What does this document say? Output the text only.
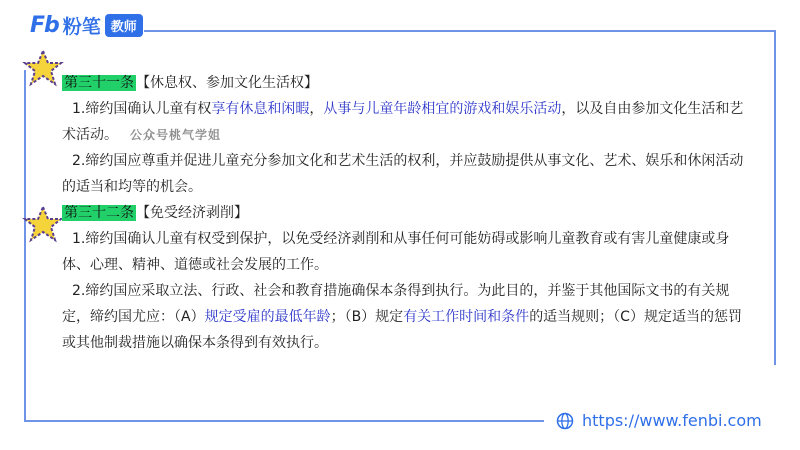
Fb 粉笔 教师

第三十一条 【休息权、参加文化生活权】

1.缔约国确认儿童有权享有休息和闲暇，从事与儿童年龄相宜的游戏和娱乐活动，以及自由参加文化生活和艺术活动。 公众号桃气学姐

2.缔约国应尊重并促进儿童充分参加文化和艺术生活的权利，并应鼓励提供从事文化、艺术、娱乐和休闲活动的适当和均等的机会。

第三十二条 【免受经济剥削】

1.缔约国确认儿童有权受到保护，以免受经济剥削和从事任何可能妨碍或影响儿童教育或有害儿童健康或身体、心理、精神、道德或社会发展的工作。

2.缔约国应采取立法、行政、社会和教育措施确保本条得到执行。为此目的，并鉴于其他国际文书的有关规定，缔约国尤应：（A）规定受雇的最低年龄；（B）规定有关工作时间和条件的适当规则；（C）规定适当的惩罚或其他制裁措施以确保本条得到有效执行。

https://www.fenbi.com
